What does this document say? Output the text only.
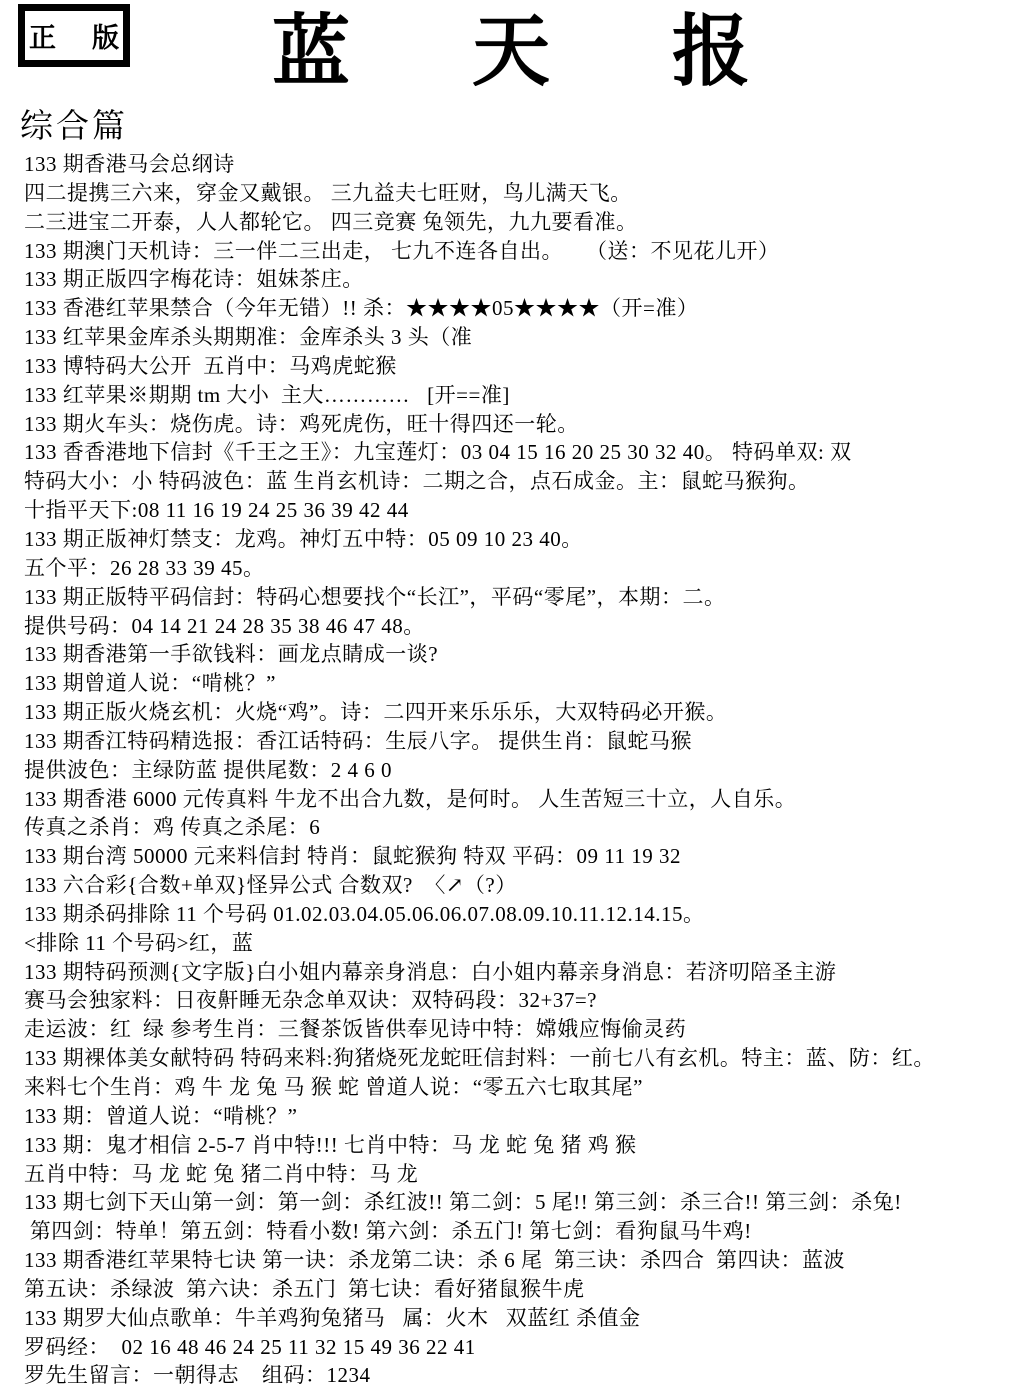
正版 蓝天报
综合篇
133 期香港马会总纲诗
四二提携三六来，穿金又戴银。 三九益夫七旺财，鸟儿满天飞。
二三进宝二开泰，人人都轮它。 四三竞赛 兔领先，九九要看准。
133 期澳门天机诗：三一伴二三出走， 七九不连各自出。    （送：不见花儿开）
133 期正版四字梅花诗：姐妹茶庄。
133 香港红苹果禁合（今年无错）!! 杀：★★★★05★★★★（开=准）
133 红苹果金库杀头期期准：金库杀头 3 头（准
133 博特码大公开  五肖中：马鸡虎蛇猴
133 红苹果※期期 tm 大小  主大…………   [开==准]
133 期火车头：烧伤虎。诗：鸡死虎伤，旺十得四还一轮。
133 香香港地下信封《千王之王》：九宝莲灯：03 04 15 16 20 25 30 32 40。 特码单双: 双
特码大小：小 特码波色：蓝 生肖玄机诗：二期之合，点石成金。主：鼠蛇马猴狗。
十指平天下:08 11 16 19 24 25 36 39 42 44
133 期正版神灯禁支：龙鸡。神灯五中特：05 09 10 23 40。
五个平：26 28 33 39 45。
133 期正版特平码信封：特码心想要找个“长江”，平码“零尾”，本期：二。
提供号码：04 14 21 24 28 35 38 46 47 48。
133 期香港第一手欲钱料：画龙点睛成一谈?
133 期曾道人说：“啃桃？”
133 期正版火烧玄机：火烧“鸡”。诗：二四开来乐乐乐，大双特码必开猴。
133 期香江特码精选报：香江话特码：生辰八字。 提供生肖：鼠蛇马猴
提供波色：主绿防蓝 提供尾数：2 4 6 0
133 期香港 6000 元传真料 牛龙不出合九数，是何时。 人生苦短三十立，人自乐。
传真之杀肖：鸡 传真之杀尾：6
133 期台湾 50000 元来料信封 特肖：鼠蛇猴狗 特双 平码：09 11 19 32
133 六合彩{合数+单双}怪异公式 合数双?  〈↗（?）
133 期杀码排除 11 个号码 01.02.03.04.05.06.06.07.08.09.10.11.12.14.15。
<排除 11 个号码>红，蓝
133 期特码预测{文字版}白小姐内幕亲身消息：白小姐内幕亲身消息：若济叨陪圣主游
赛马会独家料：日夜鼾睡无杂念单双诀：双特码段：32+37=?
走运波：红  绿 参考生肖：三餐茶饭皆供奉见诗中特：嫦娥应悔偷灵药
133 期裸体美女献特码 特码来料:狗猪烧死龙蛇旺信封料：一前七八有玄机。特主：蓝、防：红。
来料七个生肖：鸡 牛 龙 兔 马 猴 蛇 曾道人说：“零五六七取其尾”
133 期：曾道人说：“啃桃？”
133 期：鬼才相信 2-5-7 肖中特!!! 七肖中特：马 龙 蛇 兔 猪 鸡 猴
五肖中特：马 龙 蛇 兔 猪二肖中特：马 龙
133 期七剑下天山第一剑：第一剑：杀红波!! 第二剑：5 尾!! 第三剑：杀三合!! 第三剑：杀兔!
第四剑：特单！第五剑：特看小数! 第六剑：杀五门! 第七剑：看狗鼠马牛鸡!
133 期香港红苹果特七诀 第一诀：杀龙第二诀：杀 6 尾  第三诀：杀四合  第四诀：蓝波
第五诀：杀绿波  第六诀：杀五门  第七诀：看好猪鼠猴牛虎
133 期罗大仙点歌单：牛羊鸡狗兔猪马   属：火木   双蓝红 杀值金
罗码经：  02 16 48 46 24 25 11 32 15 49 36 22 41
罗先生留言：一朝得志    组码：1234
